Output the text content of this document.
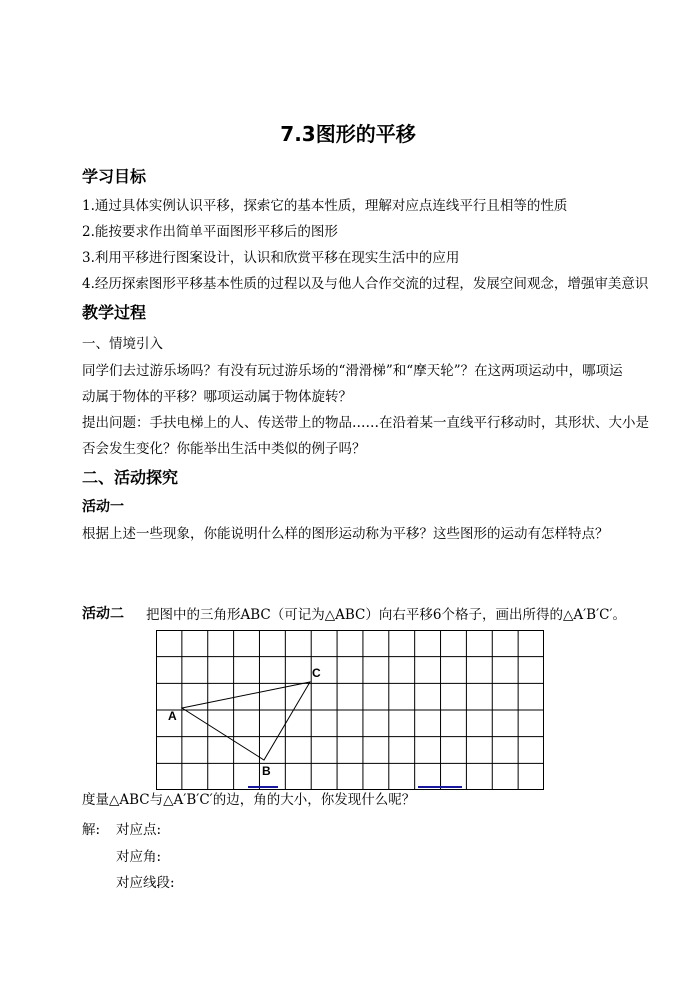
7.3图形的平移
学习目标
1.通过具体实例认识平移，探索它的基本性质，理解对应点连线平行且相等的性质
2.能按要求作出简单平面图形平移后的图形
3.利用平移进行图案设计，认识和欣赏平移在现实生活中的应用
4.经历探索图形平移基本性质的过程以及与他人合作交流的过程，发展空间观念，增强审美意识
教学过程
一、情境引入
同学们去过游乐场吗？有没有玩过游乐场的“滑滑梯”和“摩天轮”？在这两项运动中，哪项运
动属于物体的平移？哪项运动属于物体旋转？
提出问题：手扶电梯上的人、传送带上的物品……在沿着某一直线平行移动时，其形状、大小是
否会发生变化？你能举出生活中类似的例子吗？
二、活动探究
活动一
根据上述一些现象，你能说明什么样的图形运动称为平移？这些图形的运动有怎样特点？
活动二 把图中的三角形ABC（可记为△ABC）向右平移6个格子，画出所得的△A′B′C′。
A
C
B
度量△ABC与△A′B′C′的边，角的大小，你发现什么呢？
解: 对应点:
对应角:
对应线段:
